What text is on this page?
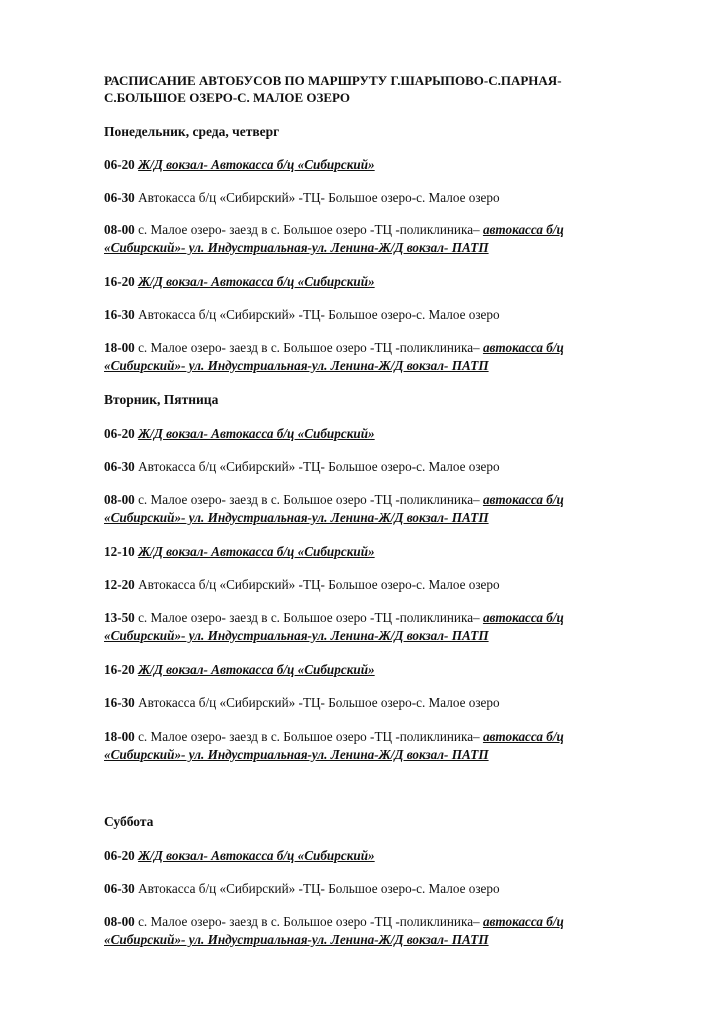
РАСПИСАНИЕ АВТОБУСОВ ПО МАРШРУТУ Г.ШАРЫПОВО-С.ПАРНАЯ-
С.БОЛЬШОЕ ОЗЕРО-С. МАЛОЕ ОЗЕРО
Понедельник, среда, четверг
06-20 Ж/Д вокзал- Автокасса б/ц «Сибирский»
06-30 Автокасса б/ц «Сибирский» -ТЦ- Большое озеро-с. Малое озеро
08-00 с. Малое озеро- заезд в с. Большое озеро -ТЦ -поликлиника– автокасса б/ц
«Сибирский»- ул. Индустриальная-ул. Ленина-Ж/Д вокзал- ПАТП
16-20 Ж/Д вокзал- Автокасса б/ц «Сибирский»
16-30 Автокасса б/ц «Сибирский» -ТЦ- Большое озеро-с. Малое озеро
18-00 с. Малое озеро- заезд в с. Большое озеро -ТЦ -поликлиника– автокасса б/ц
«Сибирский»- ул. Индустриальная-ул. Ленина-Ж/Д вокзал- ПАТП
Вторник, Пятница
06-20 Ж/Д вокзал- Автокасса б/ц «Сибирский»
06-30 Автокасса б/ц «Сибирский» -ТЦ- Большое озеро-с. Малое озеро
08-00 с. Малое озеро- заезд в с. Большое озеро -ТЦ -поликлиника– автокасса б/ц
«Сибирский»- ул. Индустриальная-ул. Ленина-Ж/Д вокзал- ПАТП
12-10 Ж/Д вокзал- Автокасса б/ц «Сибирский»
12-20 Автокасса б/ц «Сибирский» -ТЦ- Большое озеро-с. Малое озеро
13-50 с. Малое озеро- заезд в с. Большое озеро -ТЦ -поликлиника– автокасса б/ц
«Сибирский»- ул. Индустриальная-ул. Ленина-Ж/Д вокзал- ПАТП
16-20 Ж/Д вокзал- Автокасса б/ц «Сибирский»
16-30 Автокасса б/ц «Сибирский» -ТЦ- Большое озеро-с. Малое озеро
18-00 с. Малое озеро- заезд в с. Большое озеро -ТЦ -поликлиника– автокасса б/ц
«Сибирский»- ул. Индустриальная-ул. Ленина-Ж/Д вокзал- ПАТП
Суббота
06-20 Ж/Д вокзал- Автокасса б/ц «Сибирский»
06-30 Автокасса б/ц «Сибирский» -ТЦ- Большое озеро-с. Малое озеро
08-00 с. Малое озеро- заезд в с. Большое озеро -ТЦ -поликлиника– автокасса б/ц
«Сибирский»- ул. Индустриальная-ул. Ленина-Ж/Д вокзал- ПАТП
